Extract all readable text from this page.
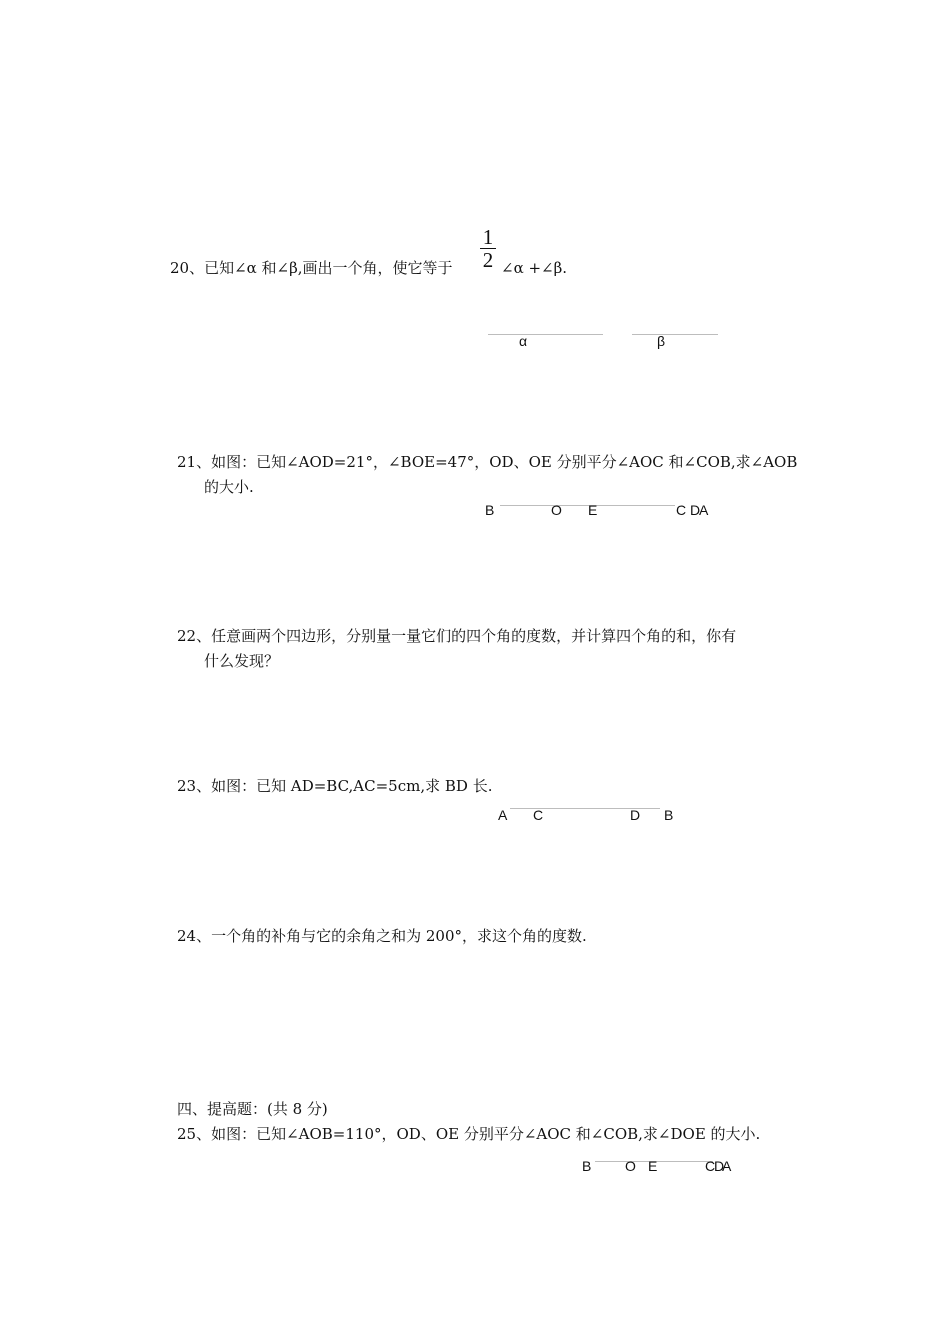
20、已知∠α 和∠β,画出一个角，使它等于
1
2 ∠α +∠β.
α	β
21、如图：已知∠AOD=21°，∠BOE=47°，OD、OE 分别平分∠AOC 和∠COB,求∠AOB
的大小.
B	O E	C D
A
22、任意画两个四边形，分别量一量它们的四个角的度数，并计算四个角的和，你有
什么发现？
23、如图：已知 AD=BC,AC=5cm,求 BD 长.
A C	D B
24、一个角的补角与它的余角之和为 200°，求这个角的度数.
四、提高题：(共 8 分)
25、如图：已知∠AOB=110°，OD、OE 分别平分∠AOC 和∠COB,求∠DOE 的大小.
B O E	C
D
A
